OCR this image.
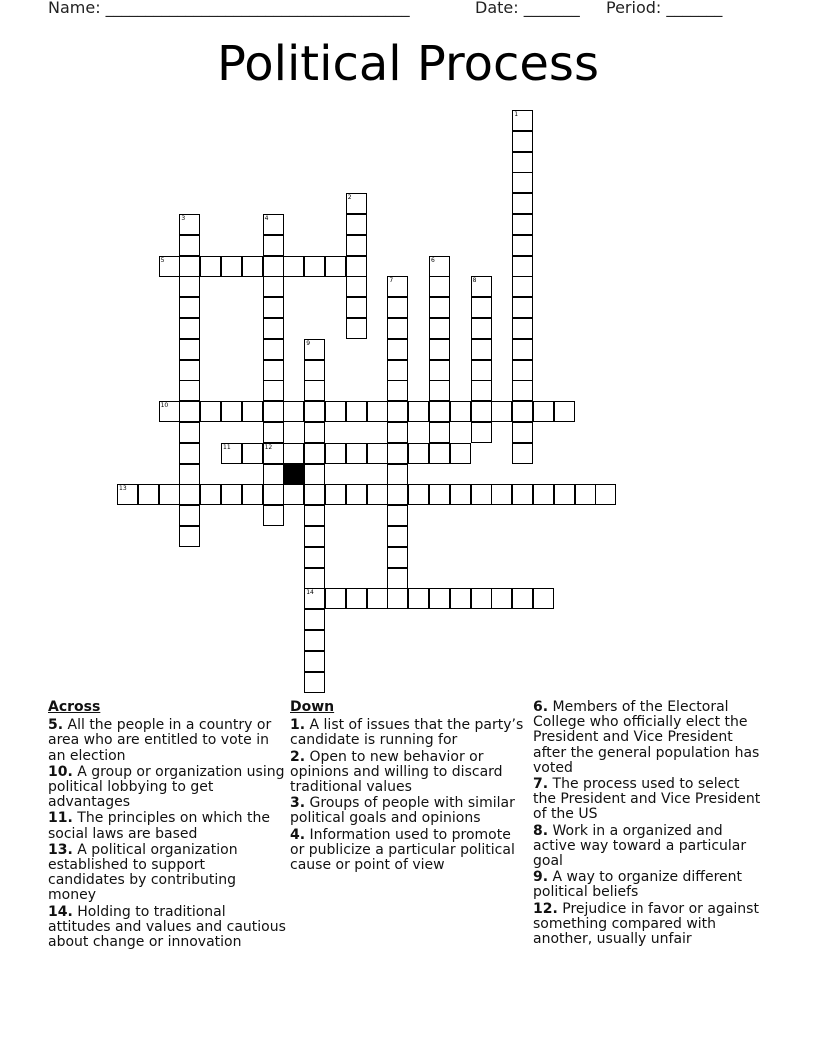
Name: ______________________________________	Date: _______ Period: _______
Political Process
1
2
3	4
12
5	6
7	8
9
14
10
11
13
Across
5. All the people in a country or area who are entitled to vote in an election
10. A group or organization using political lobbying to get advantages
11. The principles on which the social laws are based
13. A political organization established to support candidates by contributing money
14. Holding to traditional attitudes and values and cautious about change or innovation
Down
1. A list of issues that the party’s candidate is running for
2. Open to new behavior or opinions and willing to discard traditional values
3. Groups of people with similar political goals and opinions
4. Information used to promote or publicize a particular political cause or point of view
6. Members of the Electoral College who officially elect the President and Vice President after the general population has voted
7. The process used to select the President and Vice President of the US
8. Work in a organized and active way toward a particular goal
9. A way to organize different political beliefs
12. Prejudice in favor or against something compared with another, usually unfair
